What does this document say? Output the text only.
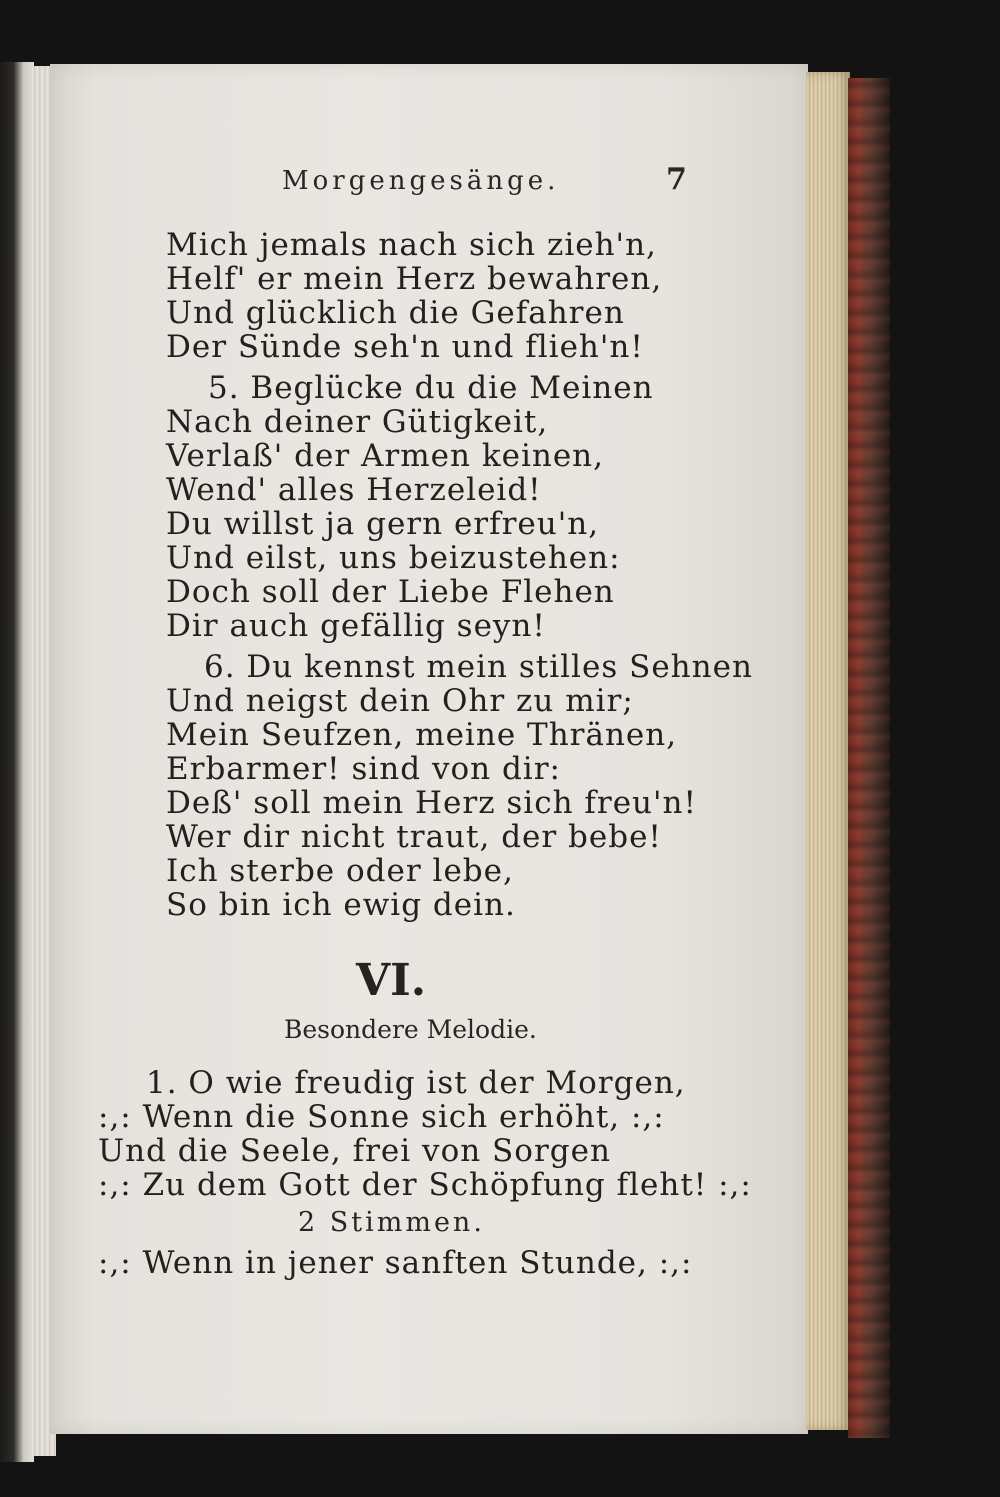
Morgengesänge.	7
Mich jemals nach sich zieh'n,
Helf' er mein Herz bewahren,
Und glücklich die Gefahren
Der Sünde seh'n und flieh'n!
5. Beglücke du die Meinen
Nach deiner Gütigkeit,
Verlaß' der Armen keinen,
Wend' alles Herzeleid!
Du willst ja gern erfreu'n,
Und eilst, uns beizustehen:
Doch soll der Liebe Flehen
Dir auch gefällig seyn!
6. Du kennst mein stilles Sehnen
Und neigst dein Ohr zu mir;
Mein Seufzen, meine Thränen,
Erbarmer! sind von dir:
Deß' soll mein Herz sich freu'n!
Wer dir nicht traut, der bebe!
Ich sterbe oder lebe,
So bin ich ewig dein.
VI.
Besondere Melodie.
1. O wie freudig ist der Morgen,
:,: Wenn die Sonne sich erhöht, :,:
Und die Seele, frei von Sorgen
:,: Zu dem Gott der Schöpfung fleht! :,:
2 Stimmen.
:,: Wenn in jener sanften Stunde, :,:
